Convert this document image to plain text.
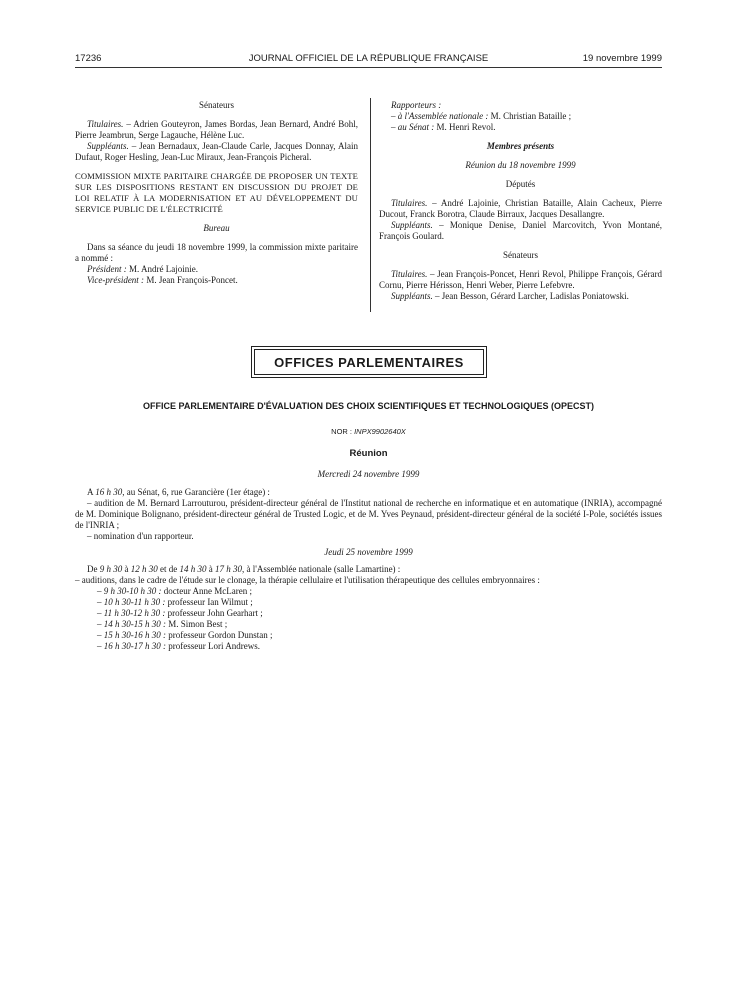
17236	JOURNAL OFFICIEL DE LA RÉPUBLIQUE FRANÇAISE	19 novembre 1999

Sénateurs

Titulaires. – Adrien Gouteyron, James Bordas, Jean Bernard, André Bohl, Pierre Jeambrun, Serge Lagauche, Hélène Luc.

Suppléants. – Jean Bernadaux, Jean-Claude Carle, Jacques Donnay, Alain Dufaut, Roger Hesling, Jean-Luc Miraux, Jean-François Picheral.

COMMISSION MIXTE PARITAIRE CHARGÉE DE PROPOSER UN TEXTE SUR LES DISPOSITIONS RESTANT EN DISCUSSION DU PROJET DE LOI RELATIF À LA MODERNISATION ET AU DÉVELOPPEMENT DU SERVICE PUBLIC DE L'ÉLECTRICITÉ

Bureau

Dans sa séance du jeudi 18 novembre 1999, la commission mixte paritaire a nommé :

Président : M. André Lajoinie.

Vice-président : M. Jean François-Poncet.

Rapporteurs :

– à l'Assemblée nationale : M. Christian Bataille ;

– au Sénat : M. Henri Revol.

Membres présents

Réunion du 18 novembre 1999

Députés

Titulaires. – André Lajoinie, Christian Bataille, Alain Cacheux, Pierre Ducout, Franck Borotra, Claude Birraux, Jacques Desallangre.

Suppléants. – Monique Denise, Daniel Marcovitch, Yvon Montané, François Goulard.

Sénateurs

Titulaires. – Jean François-Poncet, Henri Revol, Philippe François, Gérard Cornu, Pierre Hérisson, Henri Weber, Pierre Lefebvre.

Suppléants. – Jean Besson, Gérard Larcher, Ladislas Poniatowski.

OFFICES PARLEMENTAIRES
OFFICE PARLEMENTAIRE D'ÉVALUATION DES CHOIX SCIENTIFIQUES ET TECHNOLOGIQUES (OPECST)
NOR : INPX9902640X
Réunion
Mercredi 24 novembre 1999

A 16 h 30, au Sénat, 6, rue Garancière (1er étage) :

– audition de M. Bernard Larrouturou, président-directeur général de l'Institut national de recherche en informatique et en automatique (INRIA), accompagné de M. Dominique Bolignano, président-directeur général de Trusted Logic, et de M. Yves Peynaud, président-directeur général de la société I-Pole, sociétés issues de l'INRIA ;

– nomination d'un rapporteur.

Jeudi 25 novembre 1999

De 9 h 30 à 12 h 30 et de 14 h 30 à 17 h 30, à l'Assemblée nationale (salle Lamartine) :

– auditions, dans le cadre de l'étude sur le clonage, la thérapie cellulaire et l'utilisation thérapeutique des cellules embryonnaires :

– 9 h 30-10 h 30 : docteur Anne McLaren ;

– 10 h 30-11 h 30 : professeur Ian Wilmut ;

– 11 h 30-12 h 30 : professeur John Gearhart ;

– 14 h 30-15 h 30 : M. Simon Best ;

– 15 h 30-16 h 30 : professeur Gordon Dunstan ;

– 16 h 30-17 h 30 : professeur Lori Andrews.
